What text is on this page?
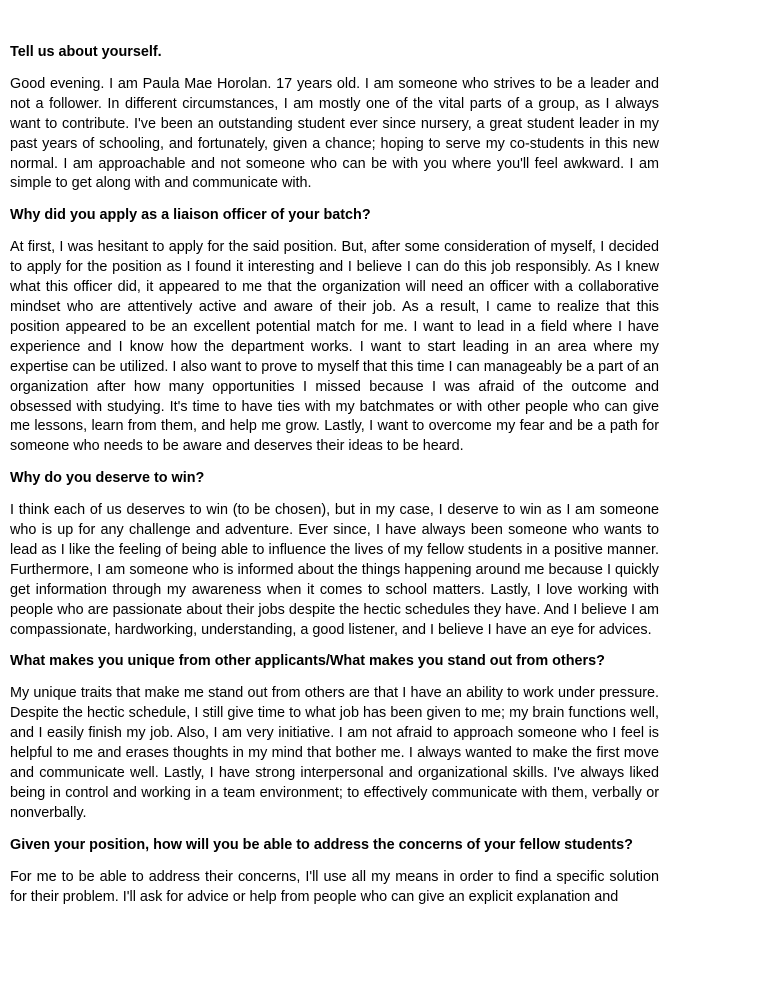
Tell us about yourself.
Good evening. I am Paula Mae Horolan. 17 years old. I am someone who strives to be a leader and not a follower. In different circumstances, I am mostly one of the vital parts of a group, as I always want to contribute. I've been an outstanding student ever since nursery, a great student leader in my past years of schooling, and fortunately, given a chance; hoping to serve my co-students in this new normal. I am approachable and not someone who can be with you where you'll feel awkward. I am simple to get along with and communicate with.
Why did you apply as a liaison officer of your batch?
At first, I was hesitant to apply for the said position. But, after some consideration of myself, I decided to apply for the position as I found it interesting and I believe I can do this job responsibly. As I knew what this officer did, it appeared to me that the organization will need an officer with a collaborative mindset who are attentively active and aware of their job. As a result, I came to realize that this position appeared to be an excellent potential match for me. I want to lead in a field where I have experience and I know how the department works. I want to start leading in an area where my expertise can be utilized. I also want to prove to myself that this time I can manageably be a part of an organization after how many opportunities I missed because I was afraid of the outcome and obsessed with studying. It's time to have ties with my batchmates or with other people who can give me lessons, learn from them, and help me grow. Lastly, I want to overcome my fear and be a path for someone who needs to be aware and deserves their ideas to be heard.
Why do you deserve to win?
I think each of us deserves to win (to be chosen), but in my case, I deserve to win as I am someone who is up for any challenge and adventure. Ever since, I have always been someone who wants to lead as I like the feeling of being able to influence the lives of my fellow students in a positive manner. Furthermore, I am someone who is informed about the things happening around me because I quickly get information through my awareness when it comes to school matters. Lastly, I love working with people who are passionate about their jobs despite the hectic schedules they have. And I believe I am compassionate, hardworking, understanding, a good listener, and I believe I have an eye for advices.
What makes you unique from other applicants/What makes you stand out from others?
My unique traits that make me stand out from others are that I have an ability to work under pressure. Despite the hectic schedule, I still give time to what job has been given to me; my brain functions well, and I easily finish my job. Also, I am very initiative. I am not afraid to approach someone who I feel is helpful to me and erases thoughts in my mind that bother me. I always wanted to make the first move and communicate well. Lastly, I have strong interpersonal and organizational skills. I've always liked being in control and working in a team environment; to effectively communicate with them, verbally or nonverbally.
Given your position, how will you be able to address the concerns of your fellow students?
For me to be able to address their concerns, I'll use all my means in order to find a specific solution for their problem. I'll ask for advice or help from people who can give an explicit explanation and
